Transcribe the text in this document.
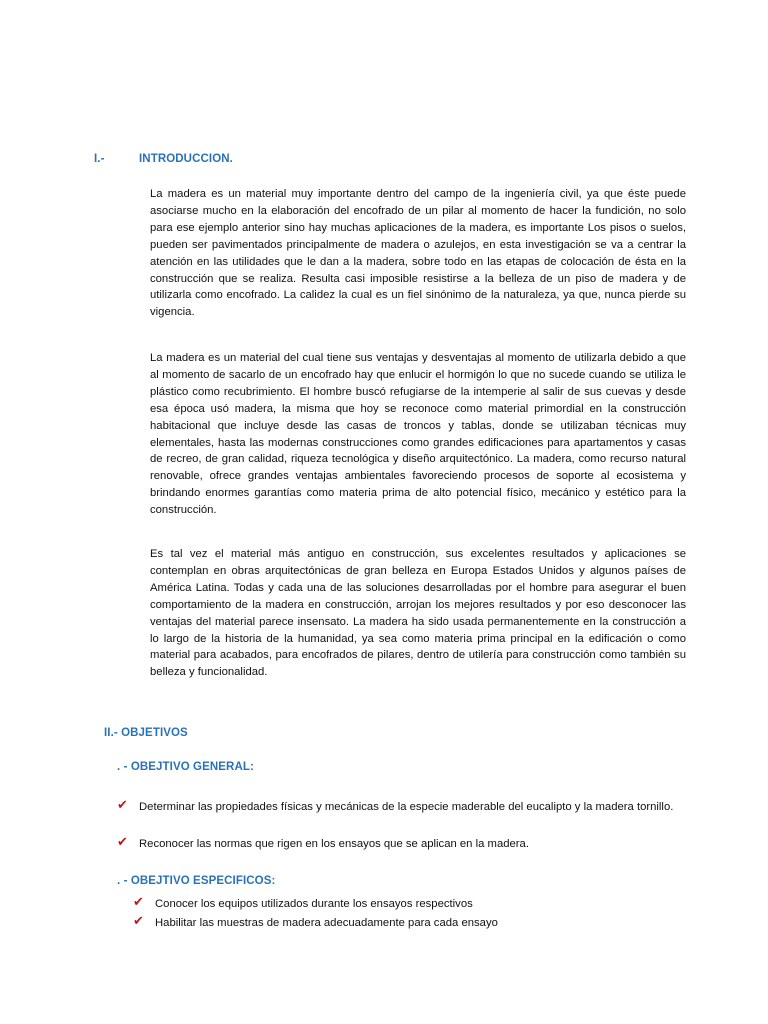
I.-	INTRODUCCION.

La madera es un material muy importante dentro del campo de la ingeniería civil, ya que éste puede asociarse mucho en la elaboración del encofrado de un pilar al momento de hacer la fundición, no solo para ese ejemplo anterior sino hay muchas aplicaciones de la madera, es importante Los pisos o suelos, pueden ser pavimentados principalmente de madera o azulejos, en esta investigación se va a centrar la atención en las utilidades que le dan a la madera, sobre todo en las etapas de colocación de ésta en la construcción que se realiza. Resulta casi imposible resistirse a la belleza de un piso de madera y de utilizarla como encofrado. La calidez la cual es un fiel sinónimo de la naturaleza, ya que, nunca pierde su vigencia.

La madera es un material del cual tiene sus ventajas y desventajas al momento de utilizarla debido a que al momento de sacarlo de un encofrado hay que enlucir el hormigón lo que no sucede cuando se utiliza le plástico como recubrimiento. El hombre buscó refugiarse de la intemperie al salir de sus cuevas y desde esa época usó madera, la misma que hoy se reconoce como material primordial en la construcción habitacional que incluye desde las casas de troncos y tablas, donde se utilizaban técnicas muy elementales, hasta las modernas construcciones como grandes edificaciones para apartamentos y casas de recreo, de gran calidad, riqueza tecnológica y diseño arquitectónico. La madera, como recurso natural renovable, ofrece grandes ventajas ambientales favoreciendo procesos de soporte al ecosistema y brindando enormes garantías como materia prima de alto potencial físico, mecánico y estético para la construcción.

Es tal vez el material más antiguo en construcción, sus excelentes resultados y aplicaciones se contemplan en obras arquitectónicas de gran belleza en Europa Estados Unidos y algunos países de América Latina. Todas y cada una de las soluciones desarrolladas por el hombre para asegurar el buen comportamiento de la madera en construcción, arrojan los mejores resultados y por eso desconocer las ventajas del material parece insensato. La madera ha sido usada permanentemente en la construcción a lo largo de la historia de la humanidad, ya sea como materia prima principal en la edificación o como material para acabados, para encofrados de pilares, dentro de utilería para construcción como también su belleza y funcionalidad.

II.- OBJETIVOS
. - OBEJTIVO GENERAL:
✔ Determinar las propiedades físicas y mecánicas de la especie maderable del eucalipto y la madera tornillo.
✔ Reconocer las normas que rigen en los ensayos que se aplican en la madera.
. - OBEJTIVO ESPECIFICOS:
✔ Conocer los equipos utilizados durante los ensayos respectivos
✔ Habilitar las muestras de madera adecuadamente para cada ensayo
